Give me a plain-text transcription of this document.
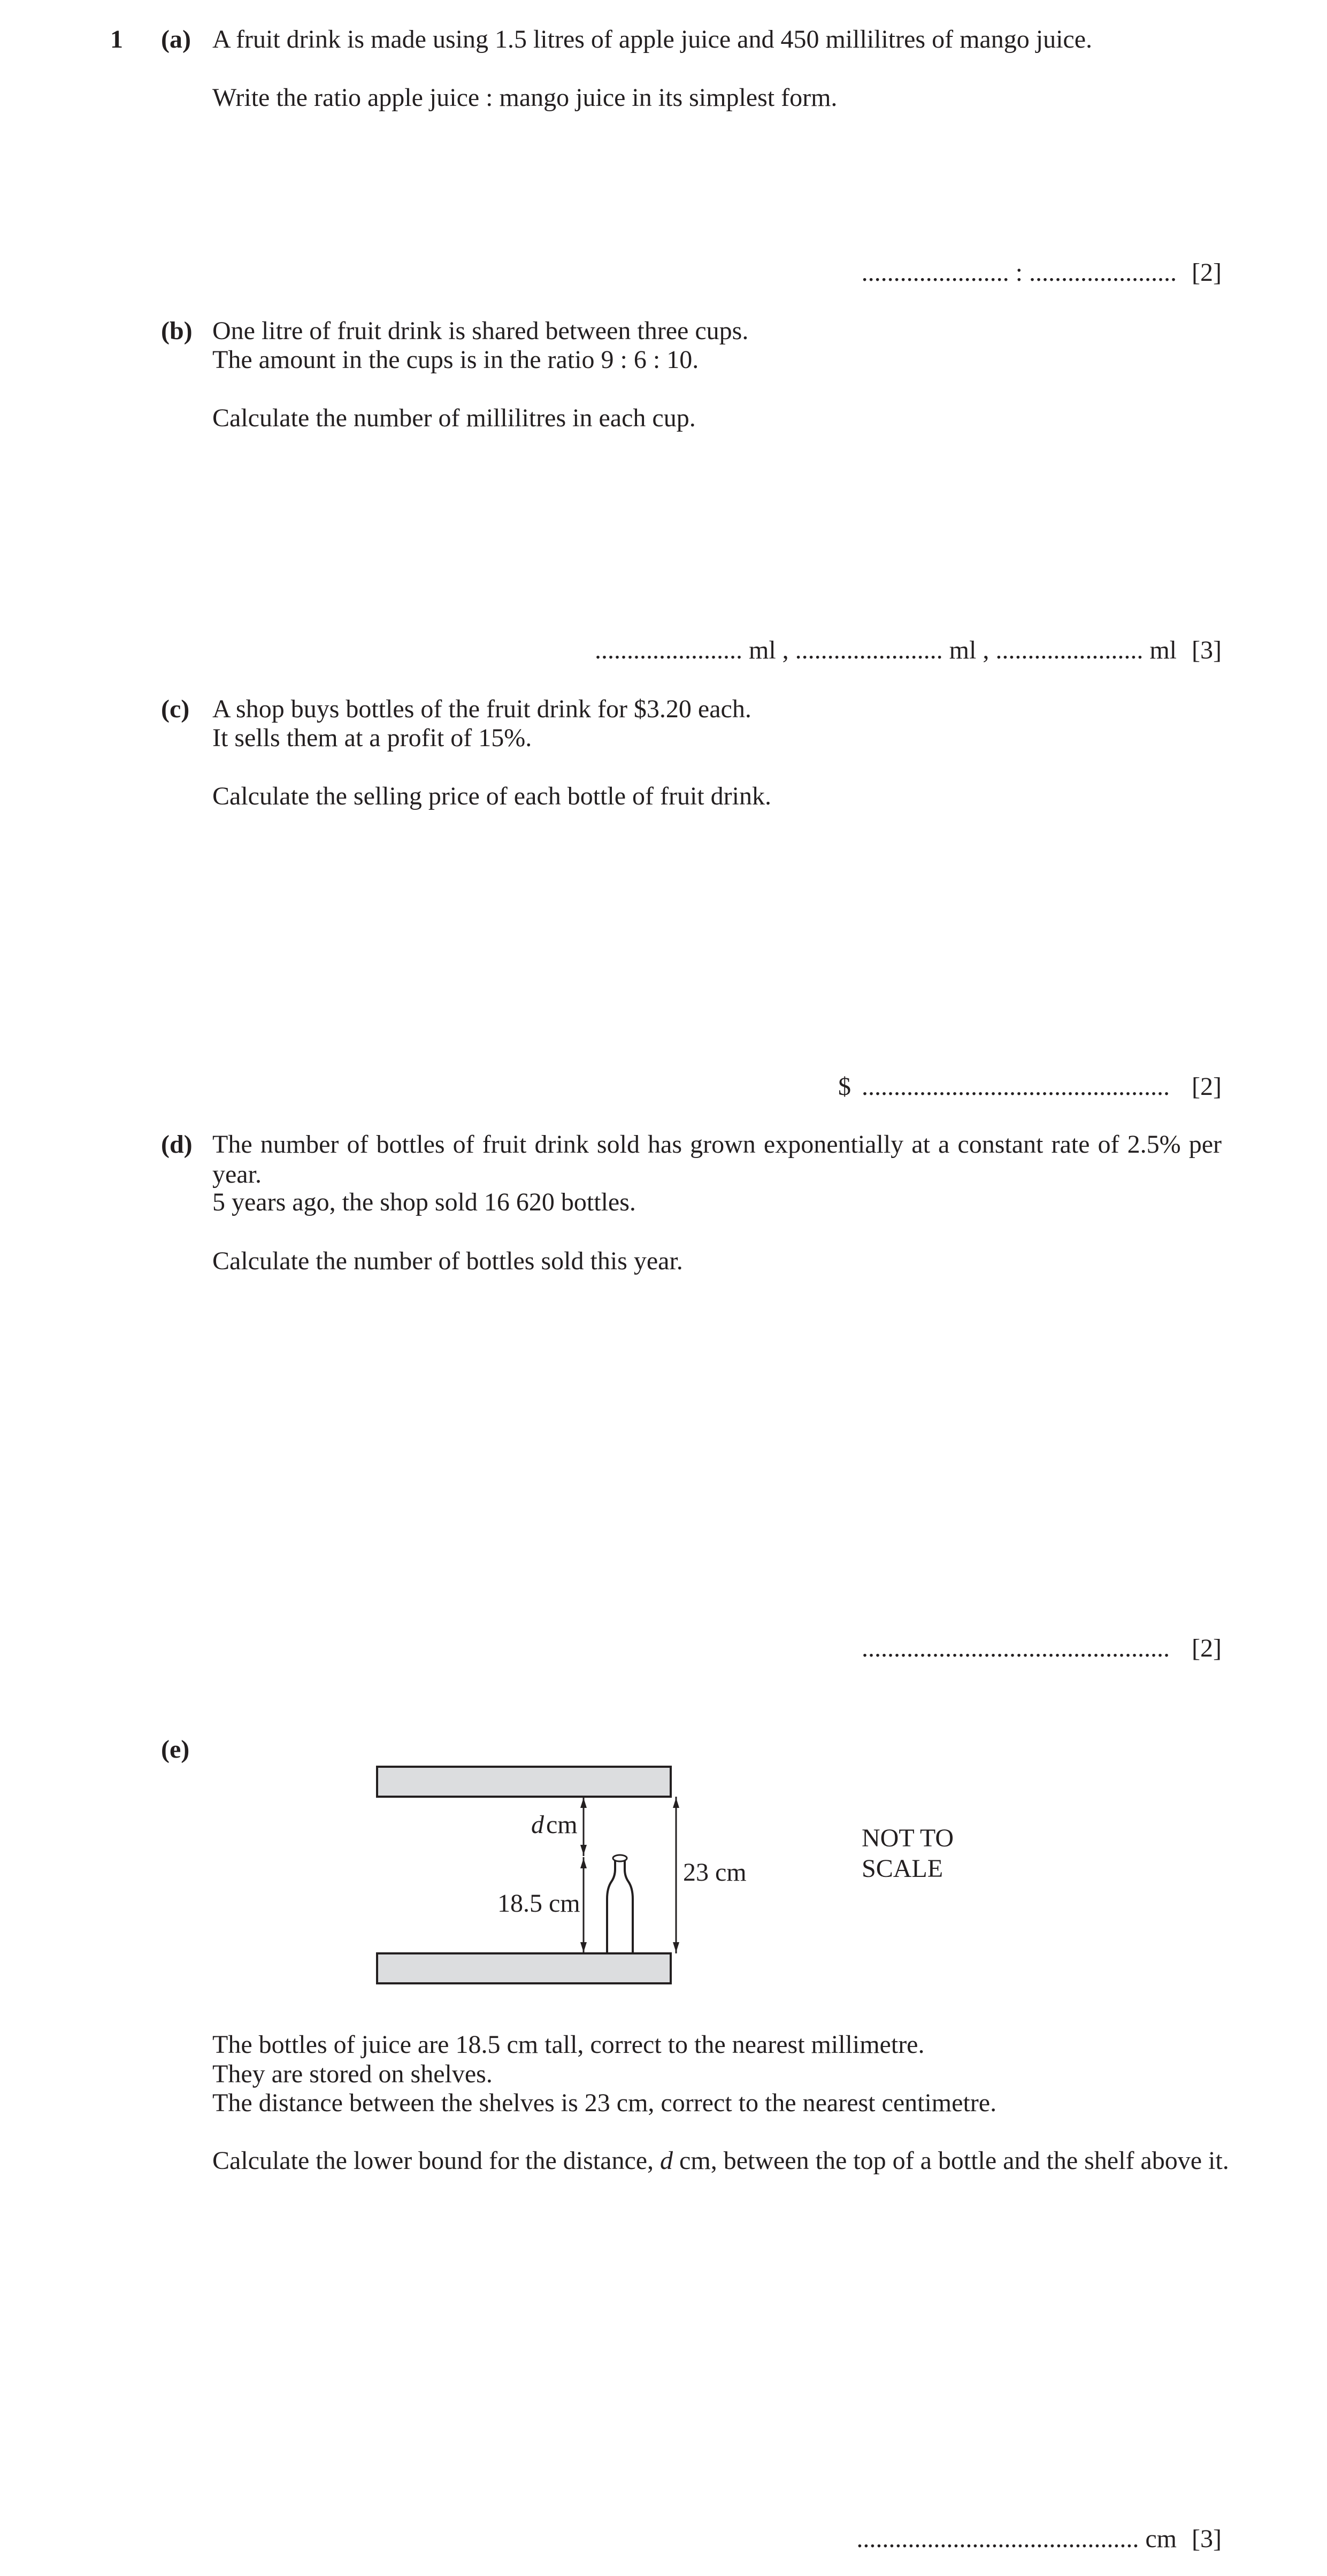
1 (a) A fruit drink is made using 1.5 litres of apple juice and 450 millilitres of mango juice.
Write the ratio apple juice : mango juice in its simplest form.
....................... : ....................... [2]
(b) One litre of fruit drink is shared between three cups.
The amount in the cups is in the ratio 9 : 6 : 10.
Calculate the number of millilitres in each cup.
....................... ml , ....................... ml , ....................... ml [3]
(c) A shop buys bottles of the fruit drink for $3.20 each.
It sells them at a profit of 15%.
Calculate the selling price of each bottle of fruit drink.
$ ................................................ [2]
(d) The number of bottles of fruit drink sold has grown exponentially at a constant rate of 2.5% per year.
5 years ago, the shop sold 16 620 bottles.
Calculate the number of bottles sold this year.
................................................ [2]
(e)
dcm
18.5 cm
23 cm
NOT TO
SCALE
The bottles of juice are 18.5 cm tall, correct to the nearest millimetre.
They are stored on shelves.
The distance between the shelves is 23 cm, correct to the nearest centimetre.
Calculate the lower bound for the distance, d cm, between the top of a bottle and the shelf above it.
............................................ cm [3]
